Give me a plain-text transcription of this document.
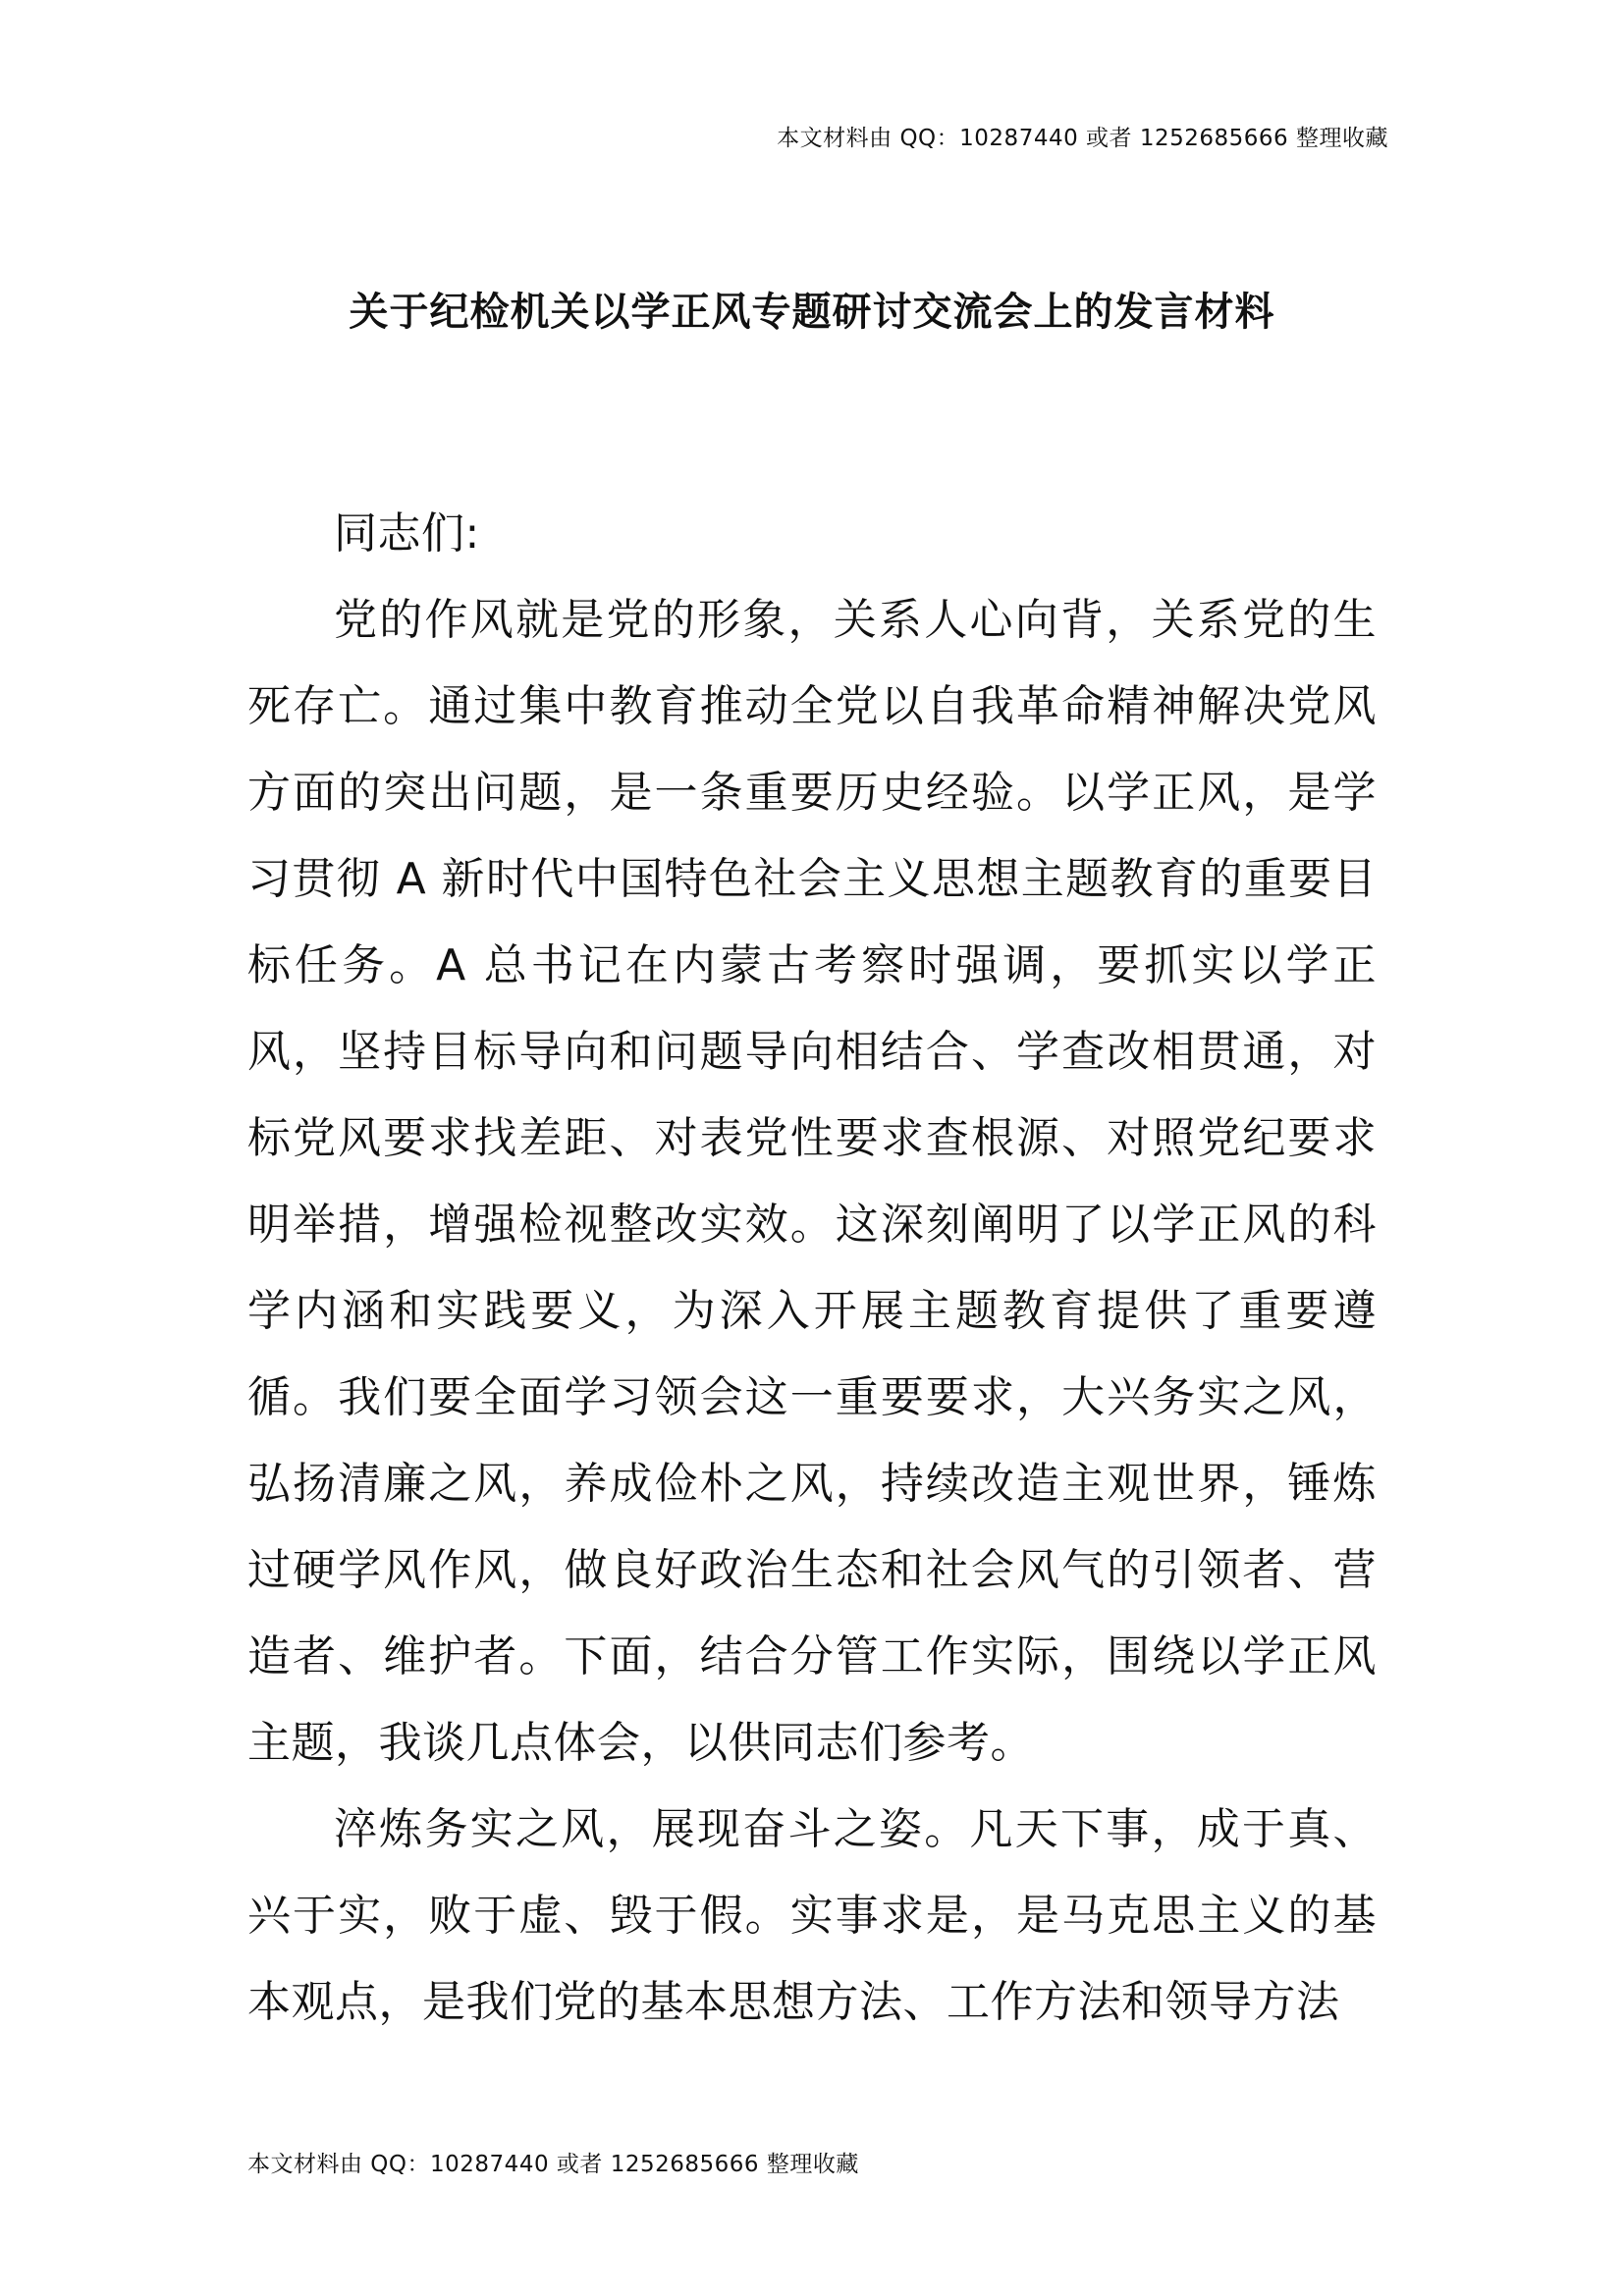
本文材料由 QQ：10287440 或者 1252685666 整理收藏
关于纪检机关以学正风专题研讨交流会上的发言材料

同志们:

党的作风就是党的形象，关系人心向背，关系党的生死存亡。通过集中教育推动全党以自我革命精神解决党风方面的突出问题，是一条重要历史经验。以学正风，是学习贯彻 A 新时代中国特色社会主义思想主题教育的重要目标任务。A 总书记在内蒙古考察时强调，要抓实以学正风，坚持目标导向和问题导向相结合、学查改相贯通，对标党风要求找差距、对表党性要求查根源、对照党纪要求明举措，增强检视整改实效。这深刻阐明了以学正风的科学内涵和实践要义，为深入开展主题教育提供了重要遵循。我们要全面学习领会这一重要要求，大兴务实之风，弘扬清廉之风，养成俭朴之风，持续改造主观世界，锤炼过硬学风作风，做良好政治生态和社会风气的引领者、营造者、维护者。下面，结合分管工作实际，围绕以学正风主题，我谈几点体会，以供同志们参考。

淬炼务实之风，展现奋斗之姿。凡天下事，成于真、兴于实，败于虚、毁于假。实事求是，是马克思主义的基本观点，是我们党的基本思想方法、工作方法和领导方法

本文材料由 QQ：10287440 或者 1252685666 整理收藏
